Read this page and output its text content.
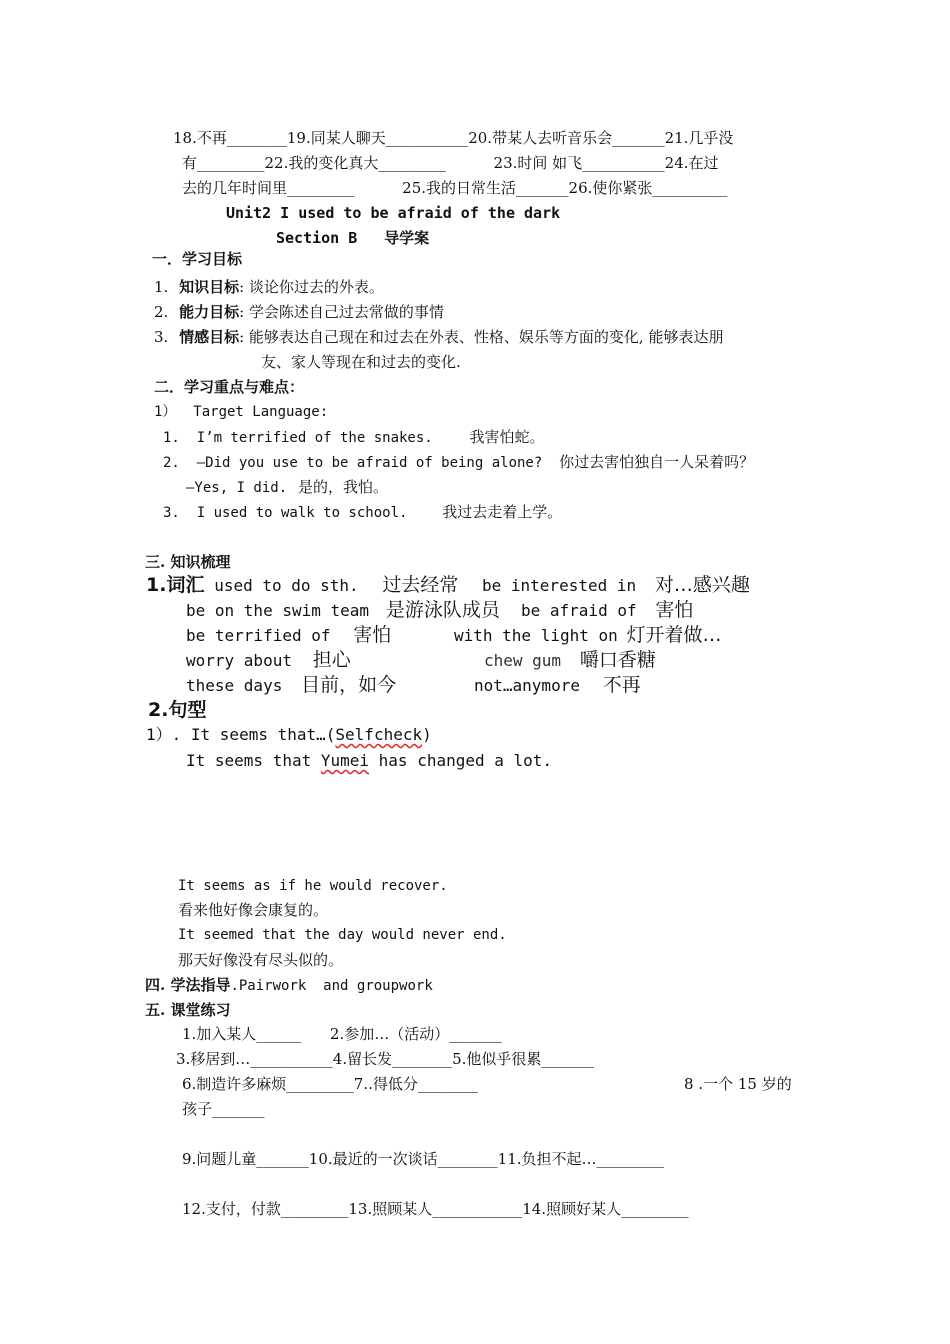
18.不再________19.同某人聊天___________20.带某人去听音乐会_______21.几乎没
有_________22.我的变化真大_________          23.时间 如飞___________24.在过
去的几年时间里_________          25.我的日常生活_______26.使你紧张__________
Unit2 I used to be afraid of the dark
Section B 导学案
一．学习目标
1. 知识目标: 谈论你过去的外表。
2. 能力目标: 学会陈述自己过去常做的事情
3. 情感目标: 能够表达自己现在和过去在外表、性格、娱乐等方面的变化, 能够表达朋
友、家人等现在和过去的变化.
二．学习重点与难点：
1）  Target Language:
1.  I’m terrified of the snakes. 我害怕蛇。
2.  —Did you use to be afraid of being alone? 你过去害怕独自一人呆着吗？
—Yes, I did. 是的，我怕。
3.  I used to walk to school. 我过去走着上学。
三. 知识梳理
1.词汇 used to do sth. 过去经常 be interested in 对…感兴趣
be on the swim team 是游泳队成员 be afraid of 害怕
be terrified of 害怕	with the light on 灯开着做…
worry about 担心	chew gum 嚼口香糖
these days 目前，如今	not…anymore 不再
2.句型
1）. It seems that…(Selfcheck)
It seems that Yumei has changed a lot.
It seems as if he would recover.
看来他好像会康复的。
It seemed that the day would never end.
那天好像没有尽头似的。
四. 学法指导.Pairwork  and groupwork
五. 课堂练习
1.加入某人______      2.参加…（活动）_______
3.移居到…___________4.留长发________5.他似乎很累_______
6.制造许多麻烦_________7..得低分________	8 .一个 15 岁的
孩子_______
9.问题儿童_______10.最近的一次谈话________11.负担不起…_________
12.支付，付款_________13.照顾某人____________14.照顾好某人_________
